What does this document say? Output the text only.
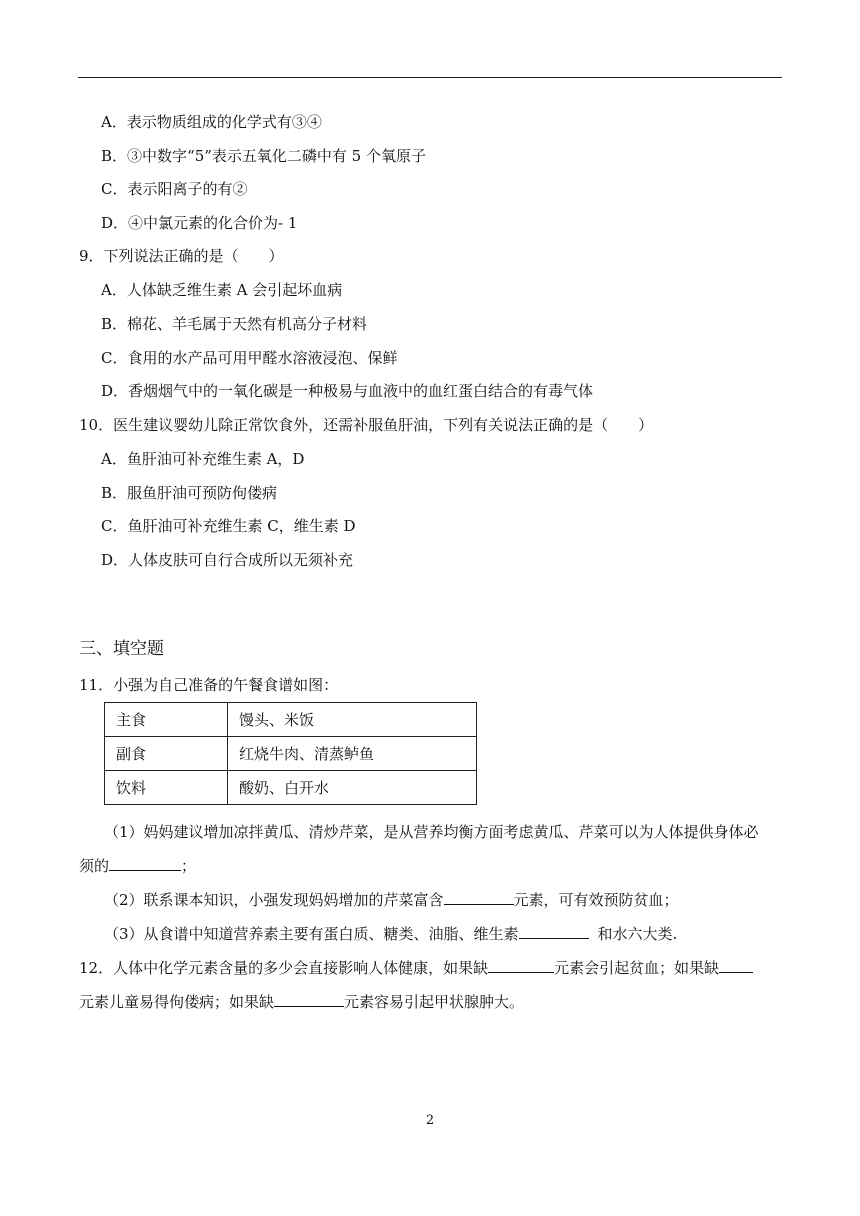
A．表示物质组成的化学式有③④
B．③中数字“5”表示五氧化二磷中有 5 个氧原子
C．表示阳离子的有②
D．④中氯元素的化合价为- 1
9．下列说法正确的是（　　）
A．人体缺乏维生素 A 会引起坏血病
B．棉花、羊毛属于天然有机高分子材料
C．食用的水产品可用甲醛水溶液浸泡、保鲜
D．香烟烟气中的一氧化碳是一种极易与血液中的血红蛋白结合的有毒气体
10．医生建议婴幼儿除正常饮食外，还需补服鱼肝油，下列有关说法正确的是（　　）
A．鱼肝油可补充维生素 A，D
B．服鱼肝油可预防佝偻病
C．鱼肝油可补充维生素 C，维生素 D
D．人体皮肤可自行合成所以无须补充
三、填空题
11．小强为自己准备的午餐食谱如图：
主食	馒头、米饭
副食	红烧牛肉、清蒸鲈鱼
饮料	酸奶、白开水
（1）妈妈建议增加凉拌黄瓜、清炒芹菜，是从营养均衡方面考虑黄瓜、芹菜可以为人体提供身体必
须的	；
（2）联系课本知识，小强发现妈妈增加的芹菜富含	元素，可有效预防贫血；
（3）从食谱中知道营养素主要有蛋白质、糖类、油脂、维生素	和水六大类.
12．人体中化学元素含量的多少会直接影响人体健康，如果缺	元素会引起贫血；如果缺
元素儿童易得佝偻病；如果缺	元素容易引起甲状腺肿大。
2
